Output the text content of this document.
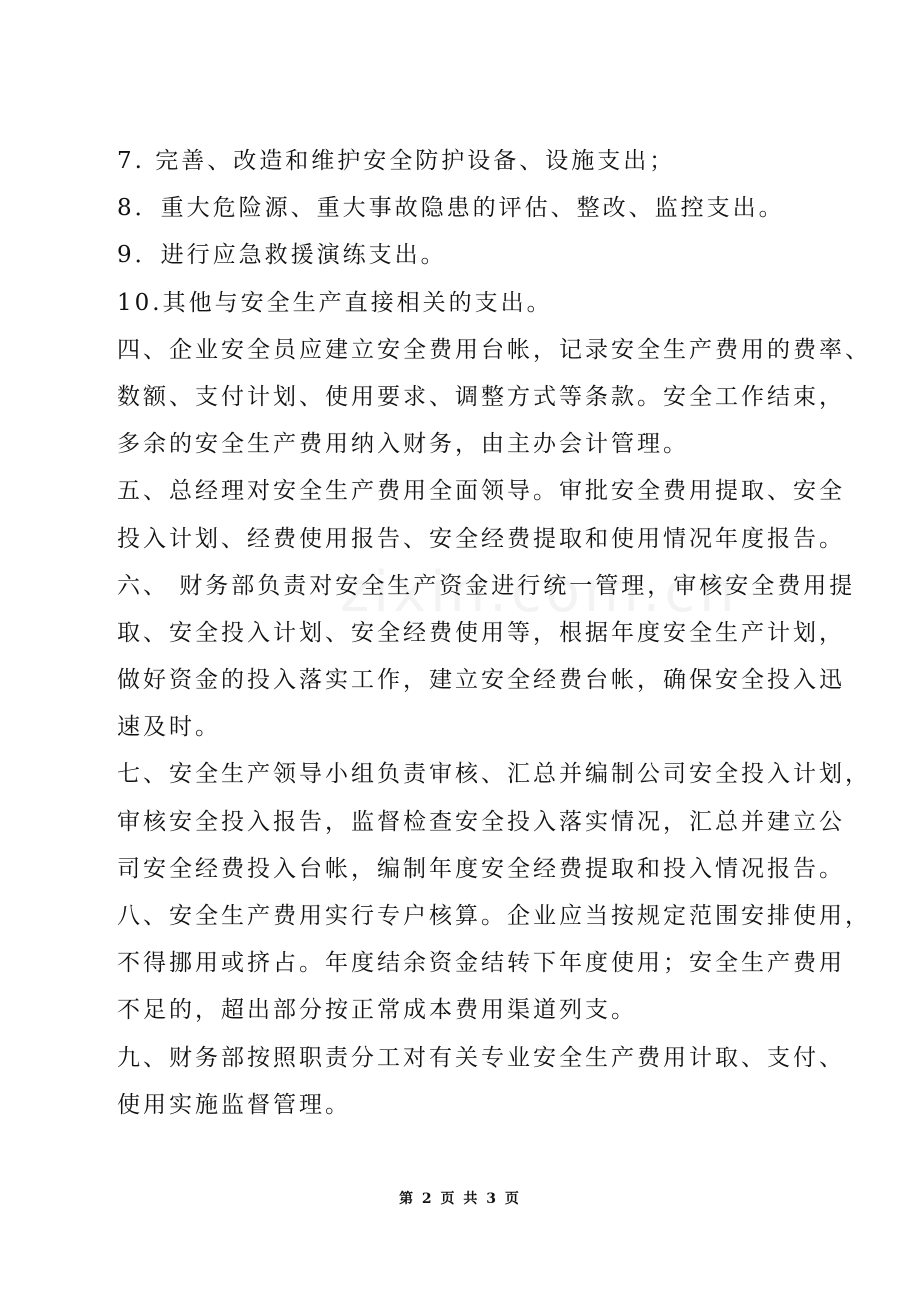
7. 完善、改造和维护安全防护设备、设施支出；
8．重大危险源、重大事故隐患的评估、整改、监控支出。
9．进行应急救援演练支出。
10.其他与安全生产直接相关的支出。
四、企业安全员应建立安全费用台帐，记录安全生产费用的费率、
数额、支付计划、使用要求、调整方式等条款。安全工作结束，
多余的安全生产费用纳入财务，由主办会计管理。
五、总经理对安全生产费用全面领导。审批安全费用提取、安全
投入计划、经费使用报告、安全经费提取和使用情况年度报告。
六、 财务部负责对安全生产资金进行统一管理，审核安全费用提
取、安全投入计划、安全经费使用等，根据年度安全生产计划，
做好资金的投入落实工作，建立安全经费台帐，确保安全投入迅
速及时。
七、安全生产领导小组负责审核、汇总并编制公司安全投入计划，
审核安全投入报告，监督检查安全投入落实情况，汇总并建立公
司安全经费投入台帐，编制年度安全经费提取和投入情况报告。
八、安全生产费用实行专户核算。企业应当按规定范围安排使用，
不得挪用或挤占。年度结余资金结转下年度使用；安全生产费用
不足的，超出部分按正常成本费用渠道列支。
九、财务部按照职责分工对有关专业安全生产费用计取、支付、
使用实施监督管理。
第 2 页 共 3 页
